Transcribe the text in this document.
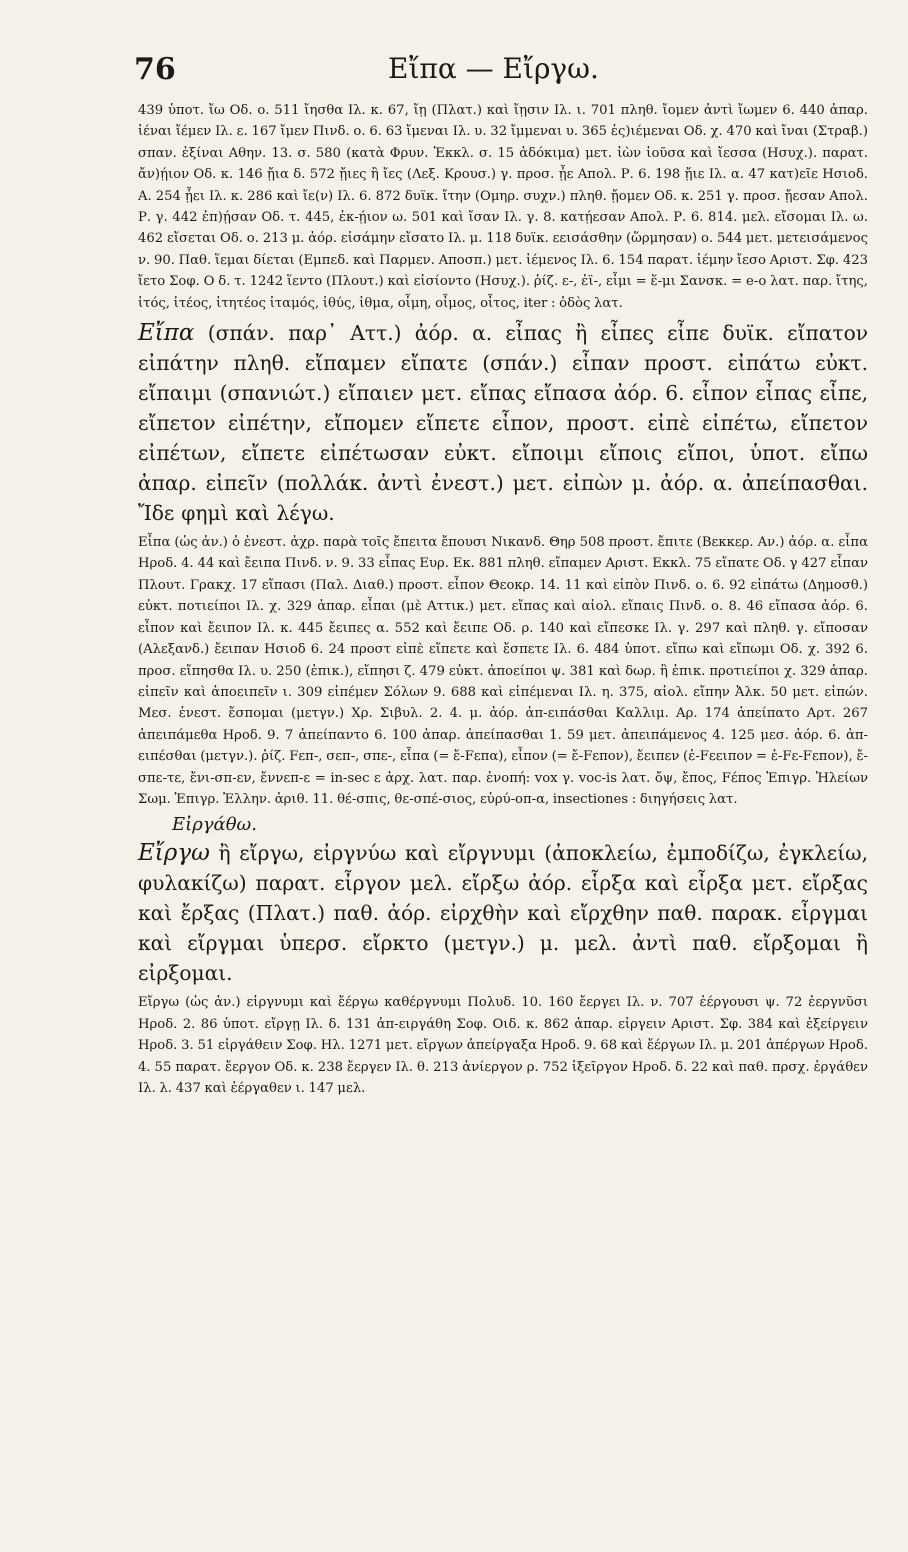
76	Εἴπα — Εἴργω.

439 ὑποτ. ἴω Οδ. ο. 511 ἴησθα Ιλ. κ. 67, ἴῃ (Πλατ.) καὶ ἴῃσιν Ιλ. ι. 701 πληθ. ἴομεν ἀντὶ ἴωμεν 6. 440 ἀπαρ. ἰέναι ἴέμεν Ιλ. ε. 167 ἴμεν Πινδ. ο. 6. 63 ἴμεναι Ιλ. υ. 32 ἴμμεναι υ. 365 ἐς)ιέμεναι Οδ. χ. 470 καὶ ἴναι (Στραβ.) σπαν. ἐξίναι Αθην. 13. σ. 580 (κατὰ Φρυν. Ἐκκλ. σ. 15 ἀδόκιμα) μετ. ἰὼν ἰοῦσα καὶ ἴεσσα (Ησυχ.). παρατ. ἄν)ῄιον Οδ. κ. 146 ᾔια δ. 572 ᾔιες ἢ ἴες (Λεξ. Κρουσ.) γ. προσ. ᾖε Απολ. Ρ. 6. 198 ᾔιε Ιλ. α. 47 κατ)εῖε Ησιοδ. Α. 254 ᾖει Ιλ. κ. 286 καὶ ἴε(ν) Ιλ. 6. 872 δυϊκ. ἴτην (Ομηρ. συχν.) πληθ. ᾔομεν Οδ. κ. 251 γ. προσ. ᾔεσαν Απολ. Ρ. γ. 442 ἐπ)ῄσαν Οδ. τ. 445, ἐκ-ῄιον ω. 501 καὶ ἴσαν Ιλ. γ. 8. κατῄεσαν Απολ. Ρ. 6. 814. μελ. εἴσομαι Ιλ. ω. 462 εἴσεται Οδ. ο. 213 μ. ἀόρ. εἰσάμην εἴσατο Ιλ. μ. 118 δυϊκ. εεισάσθην (ὥρμησαν) ο. 544 μετ. μετεισάμενος ν. 90. Παθ. ἵεμαι δίεται (Εμπεδ. καὶ Παρμεν. Αποσπ.) μετ. ἱέμενος Ιλ. 6. 154 παρατ. ἱέμην ἴεσο Αριστ. Σφ. 423 ἴετο Σοφ. Ο δ. τ. 1242 ἵεντο (Πλουτ.) καὶ εἰσίοντο (Ησυχ.). ῥίζ. ε-, ἐϊ-, εἶμι = ἕ-μι Σανσκ. = e-o λατ. παρ. ἴτης, ἰτός, ἰτέος, ἰτητέος ἰταμός, ἰθύς, ἰθμα, οἶμη, οἶμος, οἶτος, iter : ὁδὸς λατ.

Εἴπα (σπάν. παρ᾽ Αττ.) ἀόρ. α. εἶπας ἢ εἶπες εἶπε δυϊκ. εἴπατον εἰπάτην πληθ. εἴπαμεν εἴπατε (σπάν.) εἶπαν προστ. εἰπάτω εὐκτ. εἴπαιμι (σπανιώτ.) εἴπαιεν μετ. εἴπας εἴπασα ἀόρ. 6. εἶπον εἶπας εἶπε, εἴπετον εἰπέτην, εἴπομεν εἴπετε εἶπον, προστ. εἰπὲ εἰπέτω, εἴπετον εἰπέτων, εἴπετε εἰπέτωσαν εὐκτ. εἴποιμι εἴποις εἴποι, ὑποτ. εἴπω ἀπαρ. εἰπεῖν (πολλάκ. ἀντὶ ἐνεστ.) μετ. εἰπὼν μ. ἀόρ. α. ἀπείπασθαι. Ἴδε φημὶ καὶ λέγω.

Εἶπα (ὡς ἀν.) ὁ ἐνεστ. ἀχρ. παρὰ τοῖς ἔπειτα ἔπουσι Νικανδ. Θηρ 508 προστ. ἔπιτε (Βεκκερ. Αν.) ἀόρ. α. εἶπα Ηροδ. 4. 44 καὶ ἔειπα Πινδ. ν. 9. 33 εἶπας Ευρ. Εκ. 881 πληθ. εἴπαμεν Αριστ. Εκκλ. 75 εἴπατε Οδ. γ 427 εἶπαν Πλουτ. Γρακχ. 17 εἴπασι (Παλ. Διαθ.) προστ. εἶπον Θεοκρ. 14. 11 καὶ εἰπὸν Πινδ. ο. 6. 92 εἰπάτω (Δημοσθ.) εὐκτ. ποτιείποι Ιλ. χ. 329 ἀπαρ. εἶπαι (μὲ Αττικ.) μετ. εἴπας καὶ αἰολ. εἴπαις Πινδ. ο. 8. 46 εἴπασα ἀόρ. 6. εἶπον καὶ ἔειπον Ιλ. κ. 445 ἔειπες α. 552 καὶ ἔειπε Οδ. ρ. 140 καὶ εἴπεσκε Ιλ. γ. 297 καὶ πληθ. γ. εἴποσαν (Αλεξανδ.) ἔειπαν Ησιοδ 6. 24 προστ εἰπὲ εἴπετε καὶ ἔσπετε Ιλ. 6. 484 ὑποτ. εἴπω καὶ εἴπωμι Οδ. χ. 392 6. προσ. εἴπησθα Ιλ. υ. 250 (ἐπικ.), εἴπησι ζ. 479 εὐκτ. ἀποείποι ψ. 381 καὶ δωρ. ἢ ἐπικ. προτιείποι χ. 329 ἀπαρ. εἰπεῖν καὶ ἀποειπεῖν ι. 309 εἰπέμεν Σόλων 9. 688 καὶ εἰπέμεναι Ιλ. η. 375, αἰολ. εἴπην Ἀλκ. 50 μετ. εἰπών. Μεσ. ἐνεστ. ἔσπομαι (μετγν.) Χρ. Σιβυλ. 2. 4. μ. ἀόρ. ἀπ-ειπάσθαι Καλλιμ. Αρ. 174 ἀπείπατο Αρτ. 267 ἀπειπάμεθα Ηροδ. 9. 7 ἀπείπαντο 6. 100 ἀπαρ. ἀπείπασθαι 1. 59 μετ. ἀπειπάμενος 4. 125 μεσ. ἀόρ. 6. ἀπ-ειπέσθαι (μετγν.). ῥίζ. Fεπ-, σεπ-, σπε-, εἶπα (= ἔ-Fεπα), εἶπον (= ἔ-Fεπον), ἔειπεν (ἐ-Fεειπον = ἐ-Fε-Fεπον), ἔ-σπε-τε, ἔνι-σπ-εν, ἔννεπ-ε = in-sec ε ἀρχ. λατ. παρ. ἐνοπή: vox γ. voc-is λατ. ὄψ, ἔπος, Fέπος Ἐπιγρ. Ἠλείων Σωμ. Ἐπιγρ. Ἑλλην. ἀριθ. 11. θέ-σπις, θε-σπέ-σιος, εὐρύ-οπ-α, insectiones : διηγήσεις λατ.

Εἰργάθω.

Εἴργω ἢ εἴργω, εἰργνύω καὶ εἴργνυμι (ἀποκλείω, ἐμποδίζω, ἐγκλείω, φυλακίζω) παρατ. εἶργον μελ. εἴρξω ἀόρ. εἷρξα καὶ εἶρξα μετ. εἴρξας καὶ ἔρξας (Πλατ.) παθ. ἀόρ. εἰρχθὴν καὶ εἴρχθην παθ. παρακ. εἶργμαι καὶ εἴργμαι ὑπερσ. εἴρκτο (μετγν.) μ. μελ. ἀντὶ παθ. εἴρξομαι ἢ εἰρξομαι.

Εἴργω (ὡς ἀν.) εἰργνυμι καὶ ἔέργω καθέργνυμι Πολυδ. 10. 160 ἔεργει Ιλ. ν. 707 ἐέργουσι ψ. 72 ἐεργνῦσι Ηροδ. 2. 86 ὑποτ. εἴργῃ Ιλ. δ. 131 ἀπ-ειργάθη Σοφ. Οιδ. κ. 862 ἀπαρ. εἰργειν Αριστ. Σφ. 384 καὶ ἐξείργειν Ηροδ. 3. 51 εἰργάθειν Σοφ. Ηλ. 1271 μετ. εἴργων ἀπείργαξα Ηροδ. 9. 68 καὶ ἔέργων Ιλ. μ. 201 ἀπέργων Ηροδ. 4. 55 παρατ. ἔεργον Οδ. κ. 238 ἔεργεν Ιλ. θ. 213 ἀνίεργον ρ. 752 ἰξεῖργον Ηροδ. δ. 22 καὶ παθ. πρσχ. ἐργάθεν Ιλ. λ. 437 καὶ ἐέργαθεν ι. 147 μελ.
